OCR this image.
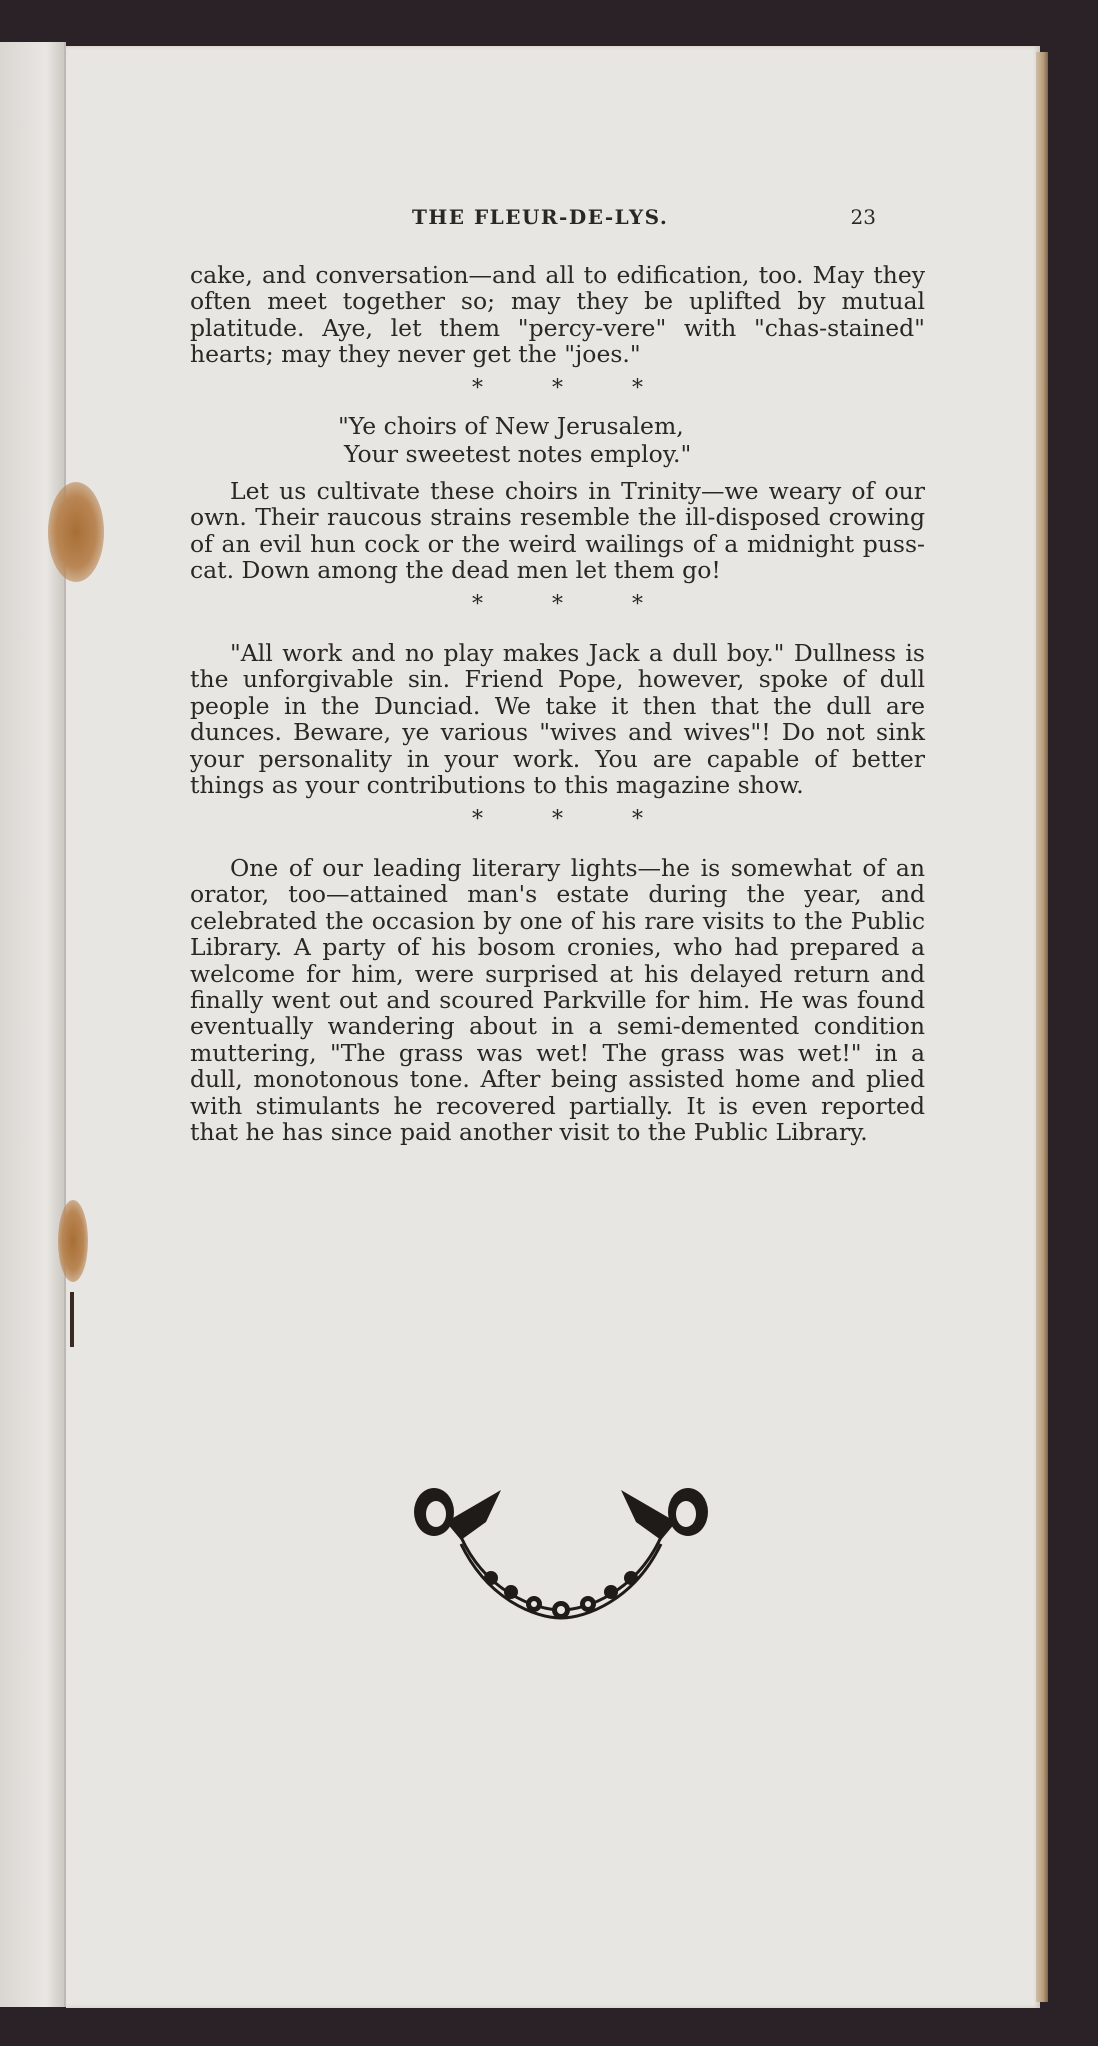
THE FLEUR-DE-LYS.	23

cake, and conversation—and all to edification, too. May they often meet together so; may they be uplifted by mutual platitude. Aye, let them "percy-vere" with "chas-stained" hearts; may they never get the "joes."

* * *
"Ye choirs of New Jerusalem,
Your sweetest notes employ."

Let us cultivate these choirs in Trinity—we weary of our own. Their raucous strains resemble the ill-disposed crowing of an evil hun cock or the weird wailings of a midnight puss-cat. Down among the dead men let them go!

* * *

"All work and no play makes Jack a dull boy." Dullness is the unforgivable sin. Friend Pope, however, spoke of dull people in the Dunciad. We take it then that the dull are dunces. Beware, ye various "wives and wives"! Do not sink your personality in your work. You are capable of better things as your contributions to this magazine show.

* * *

One of our leading literary lights—he is somewhat of an orator, too—attained man's estate during the year, and celebrated the occasion by one of his rare visits to the Public Library. A party of his bosom cronies, who had prepared a welcome for him, were surprised at his delayed return and finally went out and scoured Parkville for him. He was found eventually wandering about in a semi-demented condition muttering, "The grass was wet! The grass was wet!" in a dull, monotonous tone. After being assisted home and plied with stimulants he recovered partially. It is even reported that he has since paid another visit to the Public Library.
